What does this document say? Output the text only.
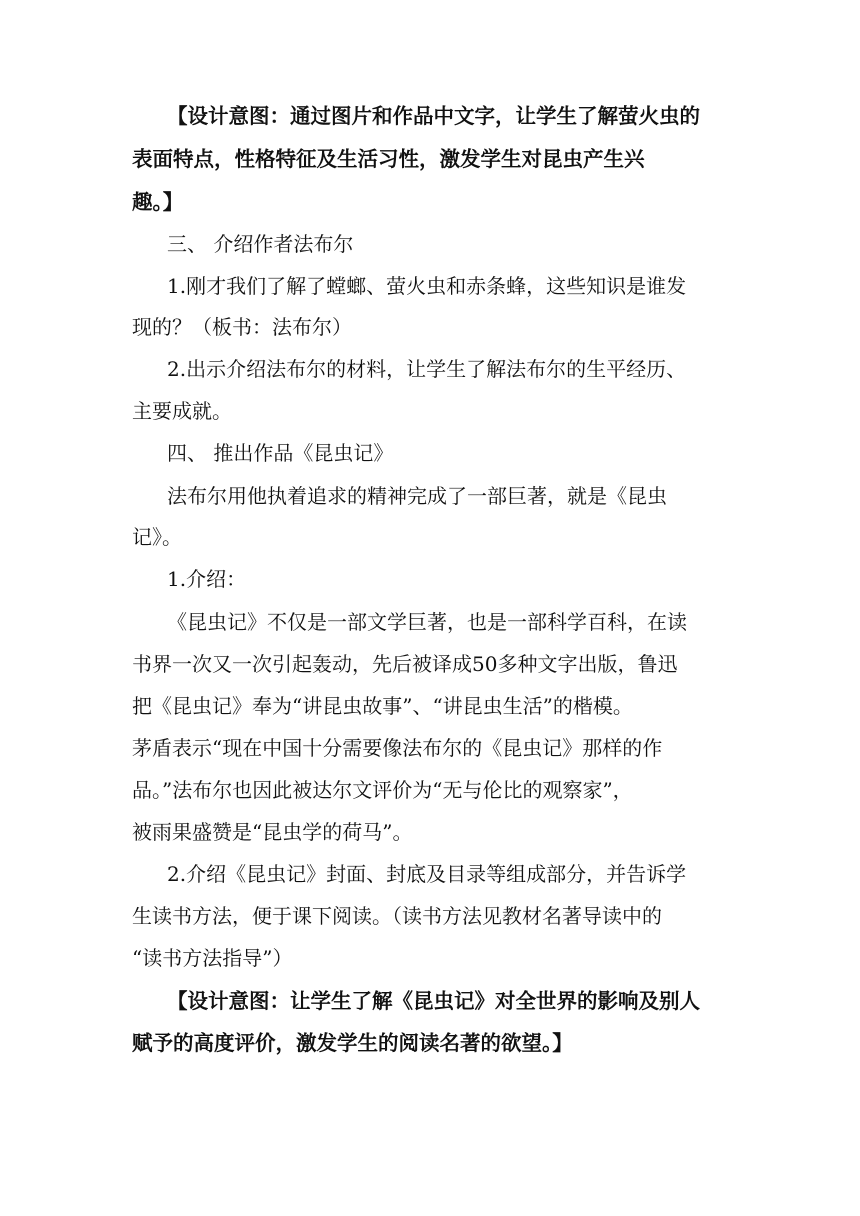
【设计意图：通过图片和作品中文字，让学生了解萤火虫的
表面特点，性格特征及生活习性，激发学生对昆虫产生兴
趣。】
三、 介绍作者法布尔
1.刚才我们了解了螳螂、萤火虫和赤条蜂，这些知识是谁发
现的？（板书：法布尔）
2.出示介绍法布尔的材料，让学生了解法布尔的生平经历、
主要成就。
四、 推出作品《昆虫记》
法布尔用他执着追求的精神完成了一部巨著，就是《昆虫
记》。
1.介绍：
《昆虫记》不仅是一部文学巨著，也是一部科学百科，在读
书界一次又一次引起轰动，先后被译成50多种文字出版，鲁迅
把《昆虫记》奉为“讲昆虫故事”、“讲昆虫生活”的楷模。
茅盾表示“现在中国十分需要像法布尔的《昆虫记》那样的作
品。”法布尔也因此被达尔文评价为“无与伦比的观察家”，
被雨果盛赞是“昆虫学的荷马”。
2.介绍《昆虫记》封面、封底及目录等组成部分，并告诉学
生读书方法，便于课下阅读。（读书方法见教材名著导读中的
“读书方法指导”）
【设计意图：让学生了解《昆虫记》对全世界的影响及别人
赋予的高度评价，激发学生的阅读名著的欲望。】
